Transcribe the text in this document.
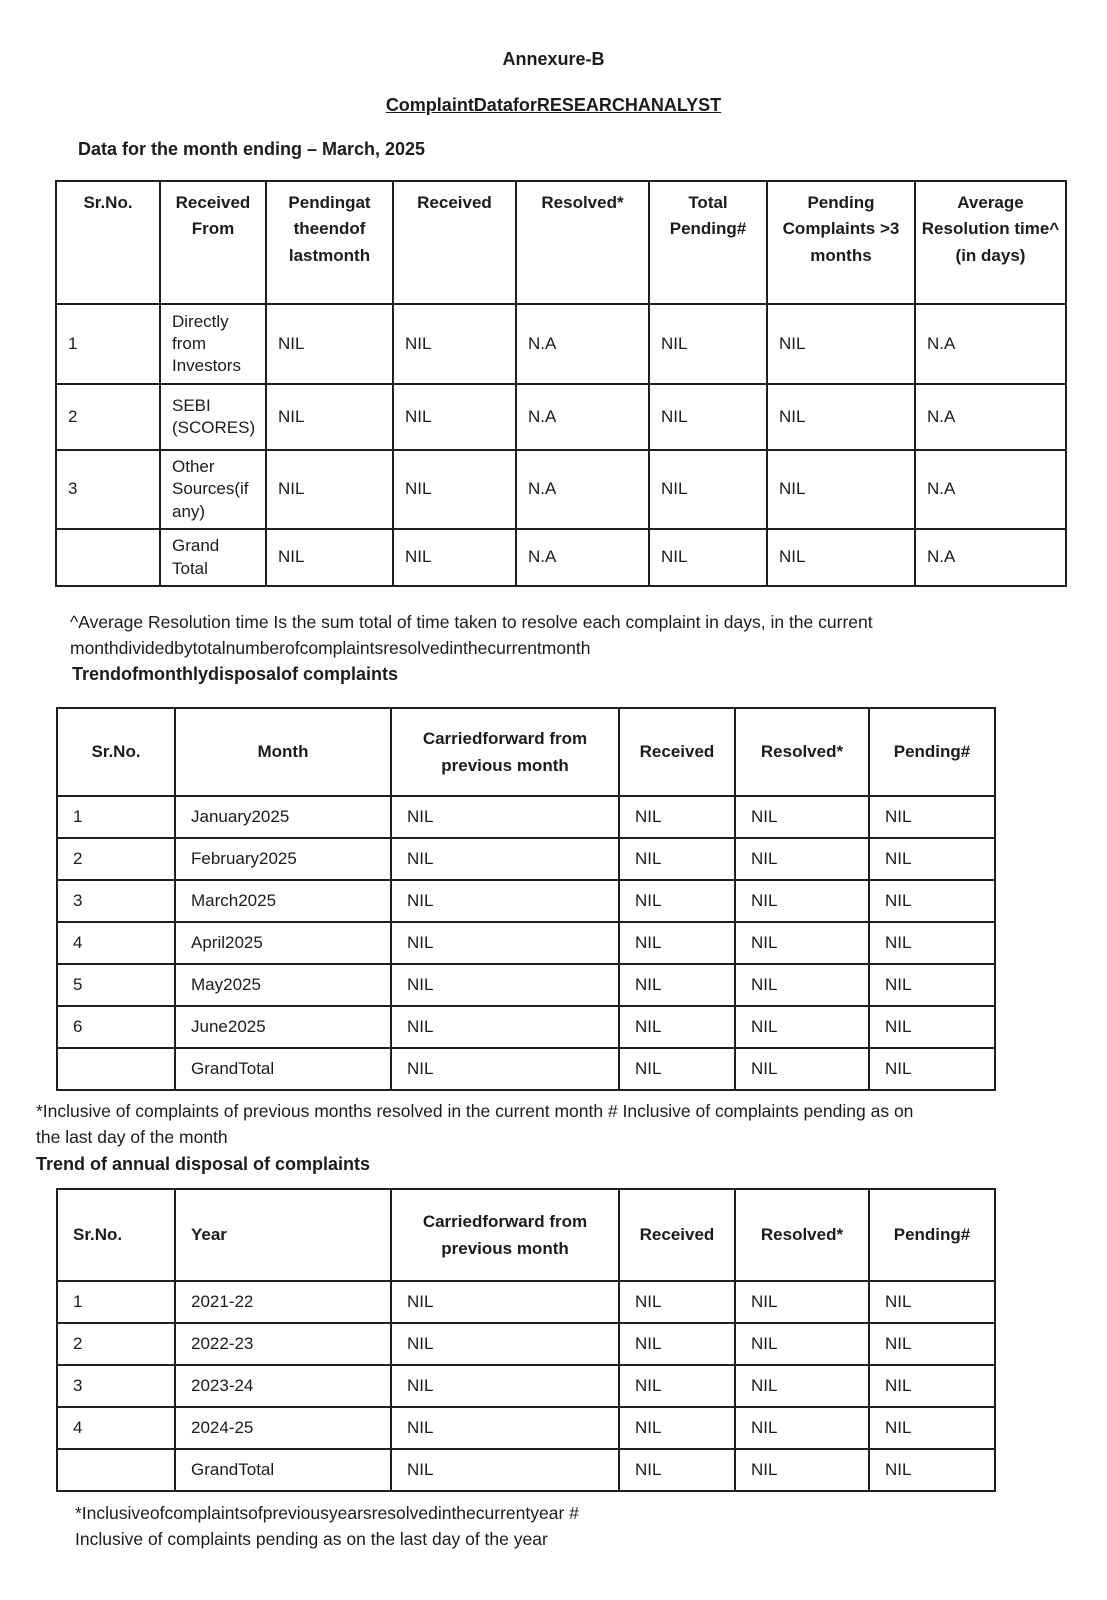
Annexure-B
ComplaintDataforRESEARCHANALYST
Data for the month ending – March, 2025
Sr.No.	Received From	Pendingat theendof lastmonth	Received	Resolved*	Total Pending#	Pending Complaints >3 months	Average Resolution time^ (in days)
1	Directly from Investors	NIL	NIL	N.A	NIL	NIL	N.A
2	SEBI (SCORES)	NIL	NIL	N.A	NIL	NIL	N.A
3	Other Sources(if any)	NIL	NIL	N.A	NIL	NIL	N.A
	Grand Total	NIL	NIL	N.A	NIL	NIL	N.A
^Average Resolution time Is the sum total of time taken to resolve each complaint in days, in the current
monthdividedbytotalnumberofcomplaintsresolvedinthecurrentmonth
Trendofmonthlydisposalof complaints
Sr.No.	Month	Carriedforward from previous month	Received	Resolved*	Pending#
1	January2025	NIL	NIL	NIL	NIL
2	February2025	NIL	NIL	NIL	NIL
3	March2025	NIL	NIL	NIL	NIL
4	April2025	NIL	NIL	NIL	NIL
5	May2025	NIL	NIL	NIL	NIL
6	June2025	NIL	NIL	NIL	NIL
	GrandTotal	NIL	NIL	NIL	NIL
*Inclusive of complaints of previous months resolved in the current month # Inclusive of complaints pending as on
the last day of the month
Trend of annual disposal of complaints
Sr.No.	Year	Carriedforward from previous month	Received	Resolved*	Pending#
1	2021-22	NIL	NIL	NIL	NIL
2	2022-23	NIL	NIL	NIL	NIL
3	2023-24	NIL	NIL	NIL	NIL
4	2024-25	NIL	NIL	NIL	NIL
	GrandTotal	NIL	NIL	NIL	NIL
*Inclusiveofcomplaintsofpreviousyearsresolvedinthecurrentyear #
Inclusive of complaints pending as on the last day of the year
